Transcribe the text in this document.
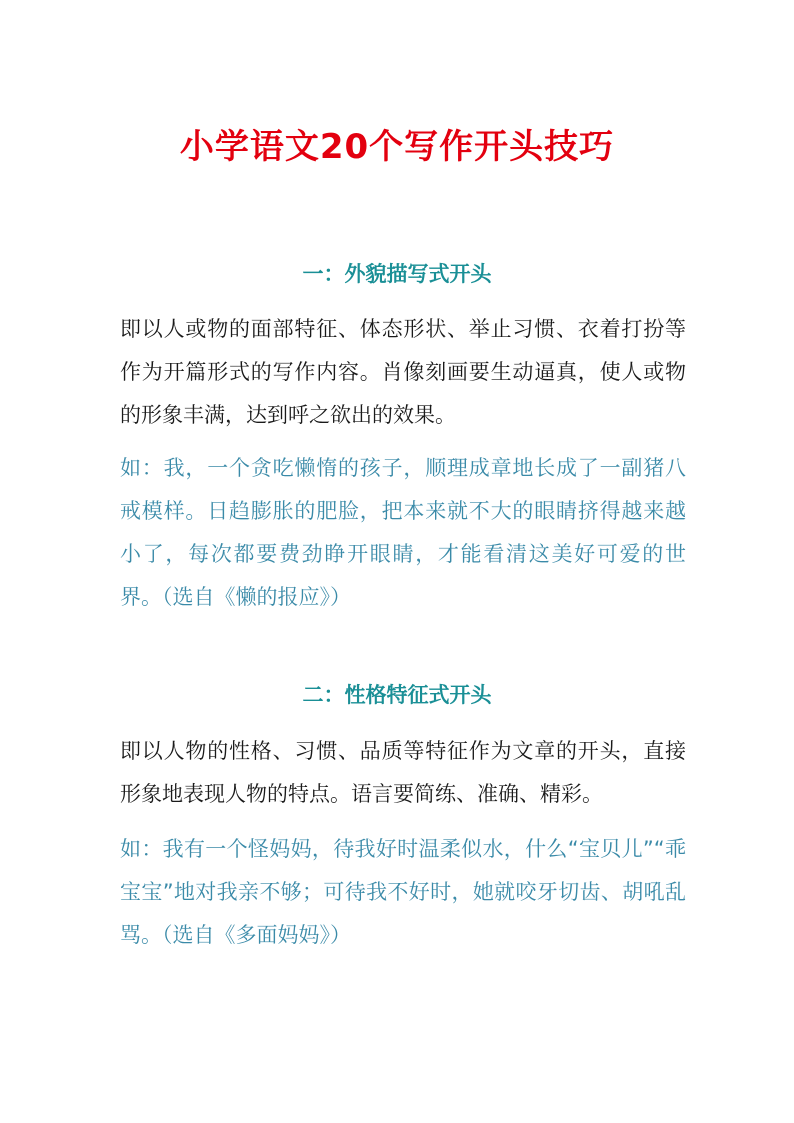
小学语文20个写作开头技巧
一：外貌描写式开头
即以人或物的面部特征、体态形状、举止习惯、衣着打扮等作为开篇形式的写作内容。肖像刻画要生动逼真，使人或物的形象丰满，达到呼之欲出的效果。
如：我，一个贪吃懒惰的孩子，顺理成章地长成了一副猪八戒模样。日趋膨胀的肥脸，把本来就不大的眼睛挤得越来越小了，每次都要费劲睁开眼睛，才能看清这美好可爱的世界。（选自《懒的报应》）
二：性格特征式开头
即以人物的性格、习惯、品质等特征作为文章的开头，直接形象地表现人物的特点。语言要简练、准确、精彩。
如：我有一个怪妈妈，待我好时温柔似水，什么“宝贝儿”“乖宝宝”地对我亲不够；可待我不好时，她就咬牙切齿、胡吼乱骂。（选自《多面妈妈》）
